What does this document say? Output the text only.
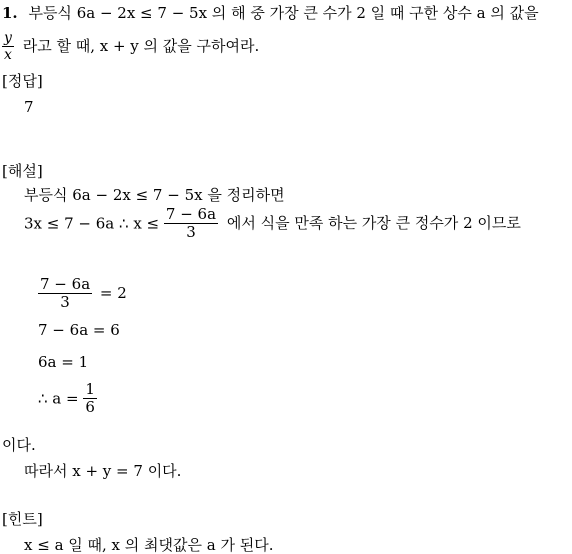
1. 부등식 6a − 2x ≤ 7 − 5x 의 해 중 가장 큰 수가 2 일 때 구한 상수 a 의 값을
$\frac{y}{x}$ 라고 할 때, x + y 의 값을 구하여라.
[정답]
7
[해설]
부등식 6a − 2x ≤ 7 − 5x 을 정리하면
3x ≤ 7 − 6a ∴ $x \le \frac{7 - 6a}{3}$ 에서 식을 만족 하는 가장 큰 정수가 2 이므로
$\frac{7 - 6a}{3} = 2$
7 − 6a = 6
6a = 1
∴ $a = \frac{1}{6}$
이다.
따라서 x + y = 7 이다.
[힌트]
x ≤ a 일 때, x 의 최댓값은 a 가 된다.
